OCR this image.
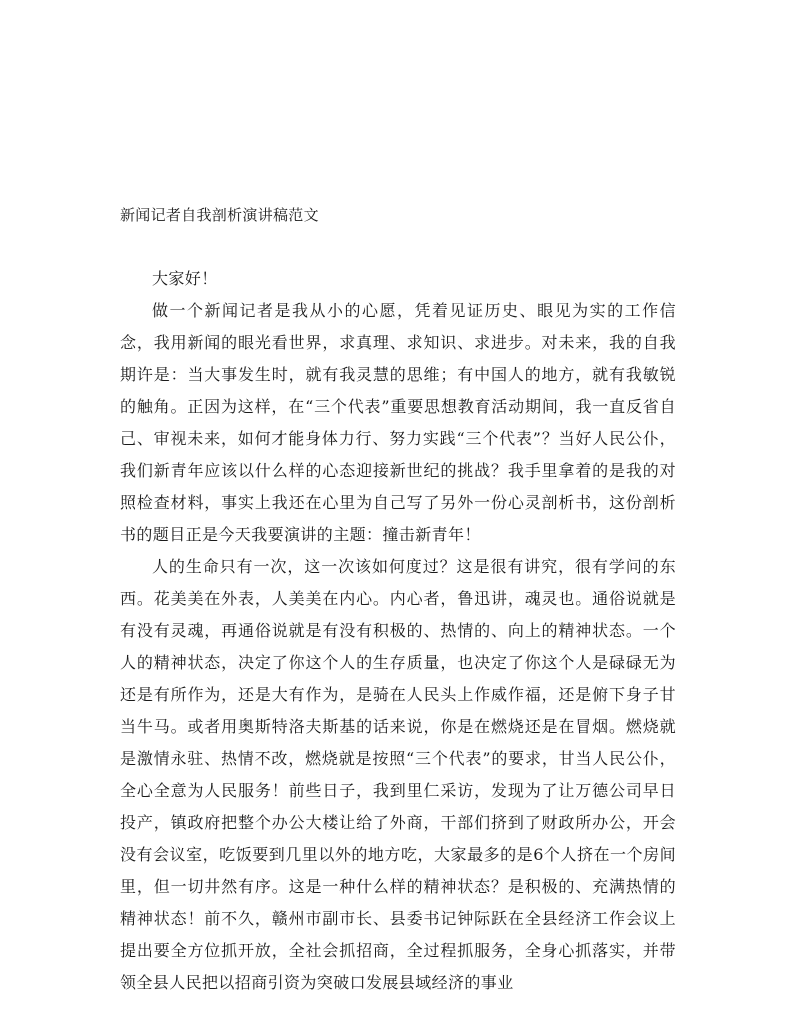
新闻记者自我剖析演讲稿范文

大家好！

做一个新闻记者是我从小的心愿，凭着见证历史、眼见为实的工作信念，我用新闻的眼光看世界，求真理、求知识、求进步。对未来，我的自我期许是：当大事发生时，就有我灵慧的思维；有中国人的地方，就有我敏锐的触角。正因为这样，在“三个代表”重要思想教育活动期间，我一直反省自己、审视未来，如何才能身体力行、努力实践“三个代表”？当好人民公仆，我们新青年应该以什么样的心态迎接新世纪的挑战？我手里拿着的是我的对照检查材料，事实上我还在心里为自己写了另外一份心灵剖析书，这份剖析书的题目正是今天我要演讲的主题：撞击新青年！

人的生命只有一次，这一次该如何度过？这是很有讲究，很有学问的东西。花美美在外表，人美美在内心。内心者，鲁迅讲，魂灵也。通俗说就是有没有灵魂，再通俗说就是有没有积极的、热情的、向上的精神状态。一个人的精神状态，决定了你这个人的生存质量，也决定了你这个人是碌碌无为还是有所作为，还是大有作为，是骑在人民头上作威作福，还是俯下身子甘当牛马。或者用奥斯特洛夫斯基的话来说，你是在燃烧还是在冒烟。燃烧就是激情永驻、热情不改，燃烧就是按照“三个代表”的要求，甘当人民公仆，全心全意为人民服务！前些日子，我到里仁采访，发现为了让万德公司早日投产，镇政府把整个办公大楼让给了外商，干部们挤到了财政所办公，开会没有会议室，吃饭要到几里以外的地方吃，大家最多的是6个人挤在一个房间里，但一切井然有序。这是一种什么样的精神状态？是积极的、充满热情的精神状态！前不久，赣州市副市长、县委书记钟际跃在全县经济工作会议上提出要全方位抓开放，全社会抓招商，全过程抓服务，全身心抓落实，并带领全县人民把以招商引资为突破口发展县域经济的事业
